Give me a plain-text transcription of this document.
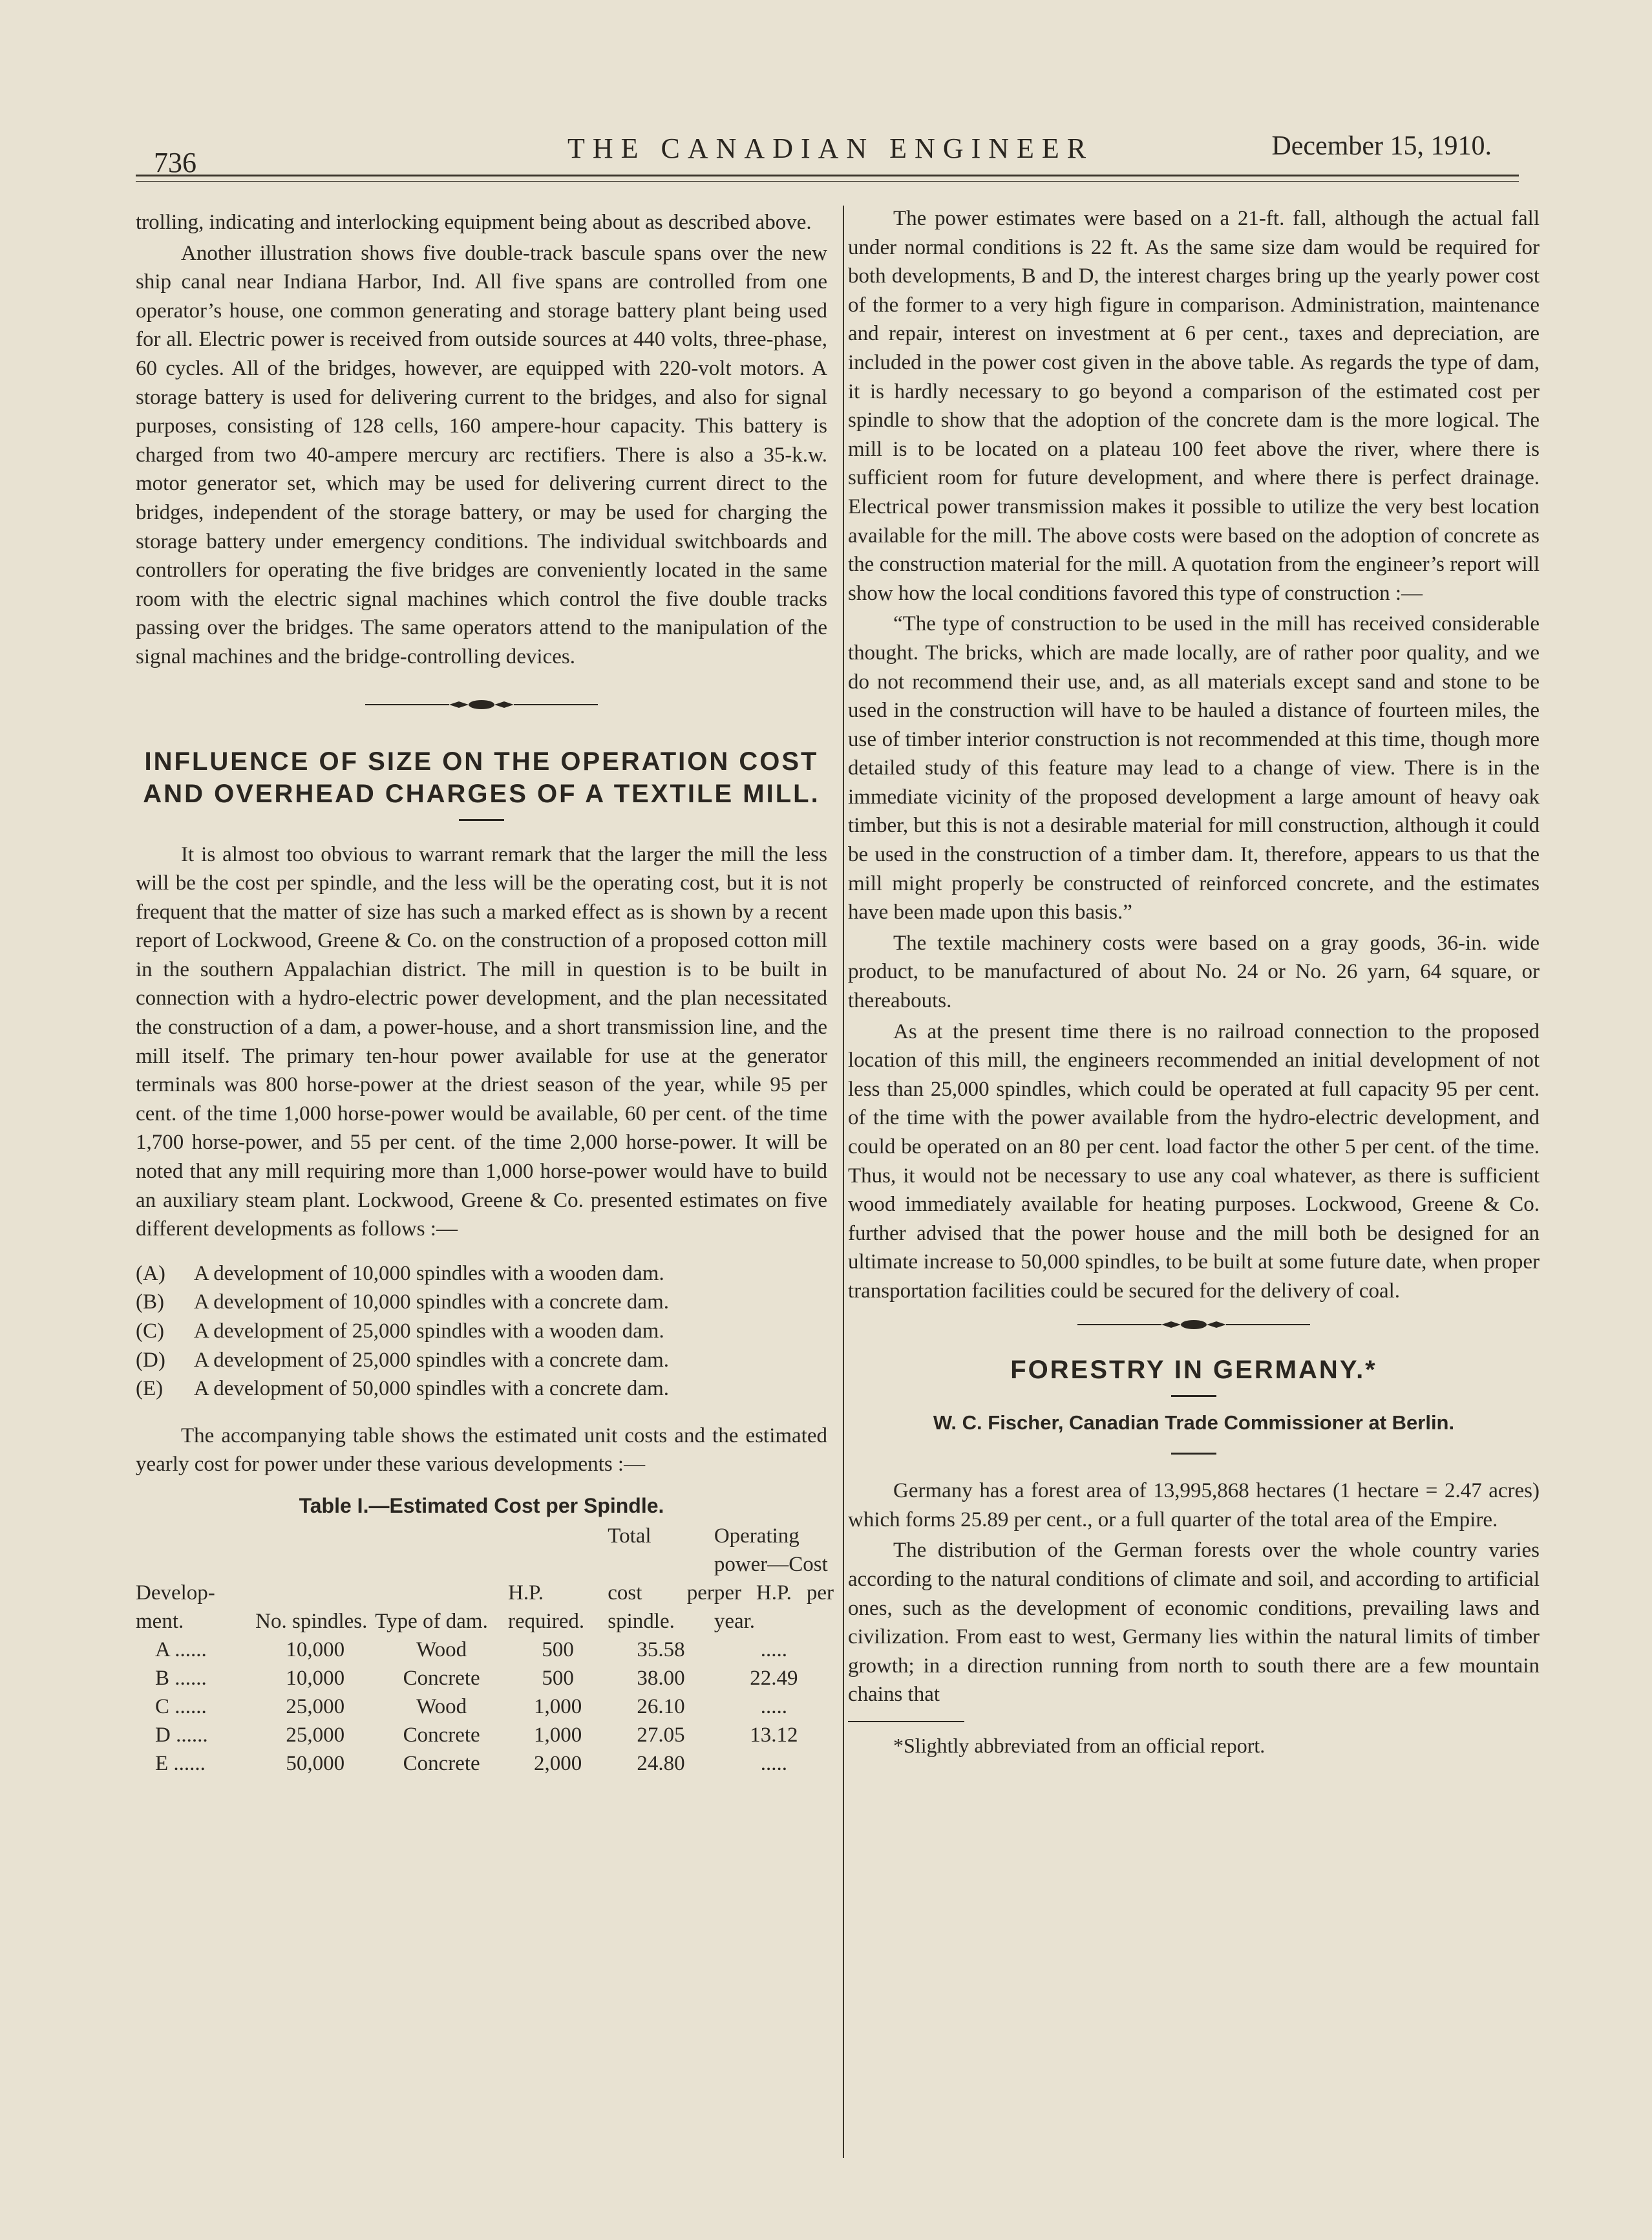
736	THE CANADIAN ENGINEER	December 15, 1910.

trolling, indicating and interlocking equipment being about as described above.

Another illustration shows five double-track bascule spans over the new ship canal near Indiana Harbor, Ind. All five spans are controlled from one operator’s house, one common generating and storage battery plant being used for all. Electric power is received from outside sources at 440 volts, three-phase, 60 cycles. All of the bridges, however, are equipped with 220-volt motors. A storage battery is used for delivering current to the bridges, and also for signal purposes, consisting of 128 cells, 160 ampere-hour capacity. This battery is charged from two 40-ampere mercury arc rectifiers. There is also a 35-k.w. motor generator set, which may be used for delivering current direct to the bridges, independent of the storage battery, or may be used for charging the storage battery under emergency conditions. The individual switchboards and controllers for operating the five bridges are conveniently located in the same room with the electric signal machines which control the five double tracks passing over the bridges. The same operators attend to the manipulation of the signal machines and the bridge-controlling devices.

INFLUENCE OF SIZE ON THE OPERATION COST AND OVERHEAD CHARGES OF A TEXTILE MILL.

It is almost too obvious to warrant remark that the larger the mill the less will be the cost per spindle, and the less will be the operating cost, but it is not frequent that the matter of size has such a marked effect as is shown by a recent report of Lockwood, Greene & Co. on the construction of a proposed cotton mill in the southern Appalachian district. The mill in question is to be built in connection with a hydro-electric power development, and the plan necessitated the construction of a dam, a power-house, and a short transmission line, and the mill itself. The primary ten-hour power available for use at the generator terminals was 800 horse-power at the driest season of the year, while 95 per cent. of the time 1,000 horse-power would be available, 60 per cent. of the time 1,700 horse-power, and 55 per cent. of the time 2,000 horse-power. It will be noted that any mill requiring more than 1,000 horse-power would have to build an auxiliary steam plant. Lockwood, Greene & Co. presented estimates on five different developments as follows :—

(A)	A development of 10,000 spindles with a wooden dam.
(B)	A development of 10,000 spindles with a concrete dam.
(C)	A development of 25,000 spindles with a wooden dam.
(D)	A development of 25,000 spindles with a concrete dam.
(E)	A development of 50,000 spindles with a concrete dam.

The accompanying table shows the estimated unit costs and the estimated yearly cost for power under these various developments :—

Table I.—Estimated Cost per Spindle.
				Total	Operating
Develop- ment.	No. spindles.	Type of dam.	H.P. required.	cost per spindle.	power—Cost per H.P. per year.
A ......	10,000	Wood	500	35.58	.....
B ......	10,000	Concrete	500	38.00	22.49
C ......	25,000	Wood	1,000	26.10	.....
D ......	25,000	Concrete	1,000	27.05	13.12
E ......	50,000	Concrete	2,000	24.80	.....

The power estimates were based on a 21-ft. fall, although the actual fall under normal conditions is 22 ft. As the same size dam would be required for both developments, B and D, the interest charges bring up the yearly power cost of the former to a very high figure in comparison. Administration, maintenance and repair, interest on investment at 6 per cent., taxes and depreciation, are included in the power cost given in the above table. As regards the type of dam, it is hardly necessary to go beyond a comparison of the estimated cost per spindle to show that the adoption of the concrete dam is the more logical. The mill is to be located on a plateau 100 feet above the river, where there is sufficient room for future development, and where there is perfect drainage. Electrical power transmission makes it possible to utilize the very best location available for the mill. The above costs were based on the adoption of concrete as the construction material for the mill. A quotation from the engineer’s report will show how the local conditions favored this type of construction :—

“The type of construction to be used in the mill has received considerable thought. The bricks, which are made locally, are of rather poor quality, and we do not recommend their use, and, as all materials except sand and stone to be used in the construction will have to be hauled a distance of fourteen miles, the use of timber interior construction is not recommended at this time, though more detailed study of this feature may lead to a change of view. There is in the immediate vicinity of the proposed development a large amount of heavy oak timber, but this is not a desirable material for mill construction, although it could be used in the construction of a timber dam. It, therefore, appears to us that the mill might properly be constructed of reinforced concrete, and the estimates have been made upon this basis.”

The textile machinery costs were based on a gray goods, 36-in. wide product, to be manufactured of about No. 24 or No. 26 yarn, 64 square, or thereabouts.

As at the present time there is no railroad connection to the proposed location of this mill, the engineers recommended an initial development of not less than 25,000 spindles, which could be operated at full capacity 95 per cent. of the time with the power available from the hydro-electric development, and could be operated on an 80 per cent. load factor the other 5 per cent. of the time. Thus, it would not be necessary to use any coal whatever, as there is sufficient wood immediately available for heating purposes. Lockwood, Greene & Co. further advised that the power house and the mill both be designed for an ultimate increase to 50,000 spindles, to be built at some future date, when proper transportation facilities could be secured for the delivery of coal.

FORESTRY IN GERMANY.*
W. C. Fischer, Canadian Trade Commissioner at Berlin.

Germany has a forest area of 13,995,868 hectares (1 hectare = 2.47 acres) which forms 25.89 per cent., or a full quarter of the total area of the Empire.

The distribution of the German forests over the whole country varies according to the natural conditions of climate and soil, and according to artificial ones, such as the development of economic conditions, prevailing laws and civilization. From east to west, Germany lies within the natural limits of timber growth; in a direction running from north to south there are a few mountain chains that

*Slightly abbreviated from an official report.
